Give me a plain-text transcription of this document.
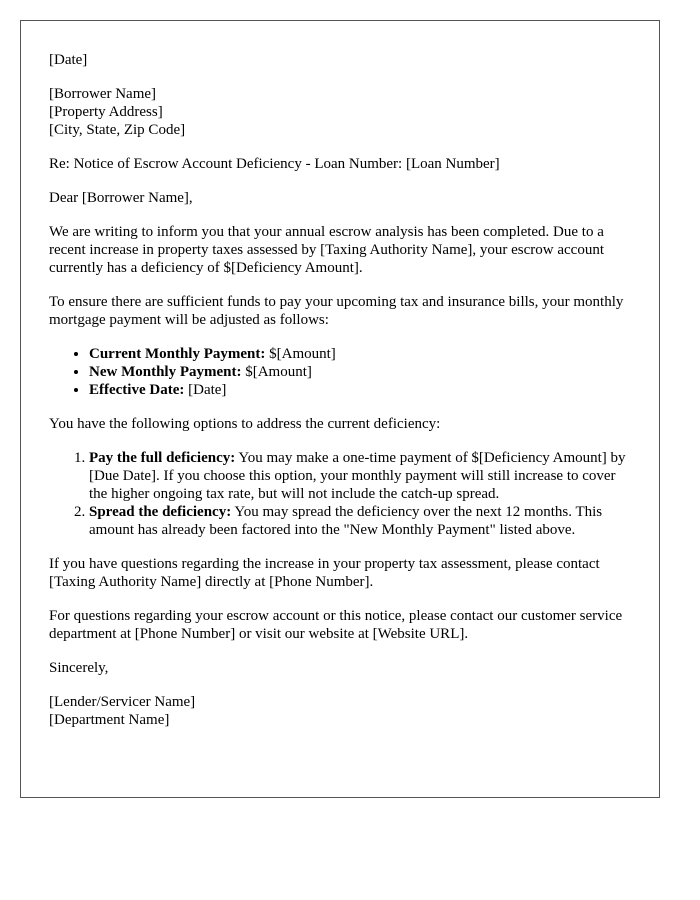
[Date]

[Borrower Name]
[Property Address]
[City, State, Zip Code]

Re: Notice of Escrow Account Deficiency - Loan Number: [Loan Number]

Dear [Borrower Name],

We are writing to inform you that your annual escrow analysis has been completed. Due to a recent increase in property taxes assessed by [Taxing Authority Name], your escrow account currently has a deficiency of $[Deficiency Amount].

To ensure there are sufficient funds to pay your upcoming tax and insurance bills, your monthly mortgage payment will be adjusted as follows:

• Current Monthly Payment: $[Amount]
• New Monthly Payment: $[Amount]
• Effective Date: [Date]

You have the following options to address the current deficiency:

1. Pay the full deficiency: You may make a one-time payment of $[Deficiency Amount] by [Due Date]. If you choose this option, your monthly payment will still increase to cover the higher ongoing tax rate, but will not include the catch-up spread.
2. Spread the deficiency: You may spread the deficiency over the next 12 months. This amount has already been factored into the "New Monthly Payment" listed above.

If you have questions regarding the increase in your property tax assessment, please contact [Taxing Authority Name] directly at [Phone Number].

For questions regarding your escrow account or this notice, please contact our customer service department at [Phone Number] or visit our website at [Website URL].

Sincerely,

[Lender/Servicer Name]
[Department Name]
